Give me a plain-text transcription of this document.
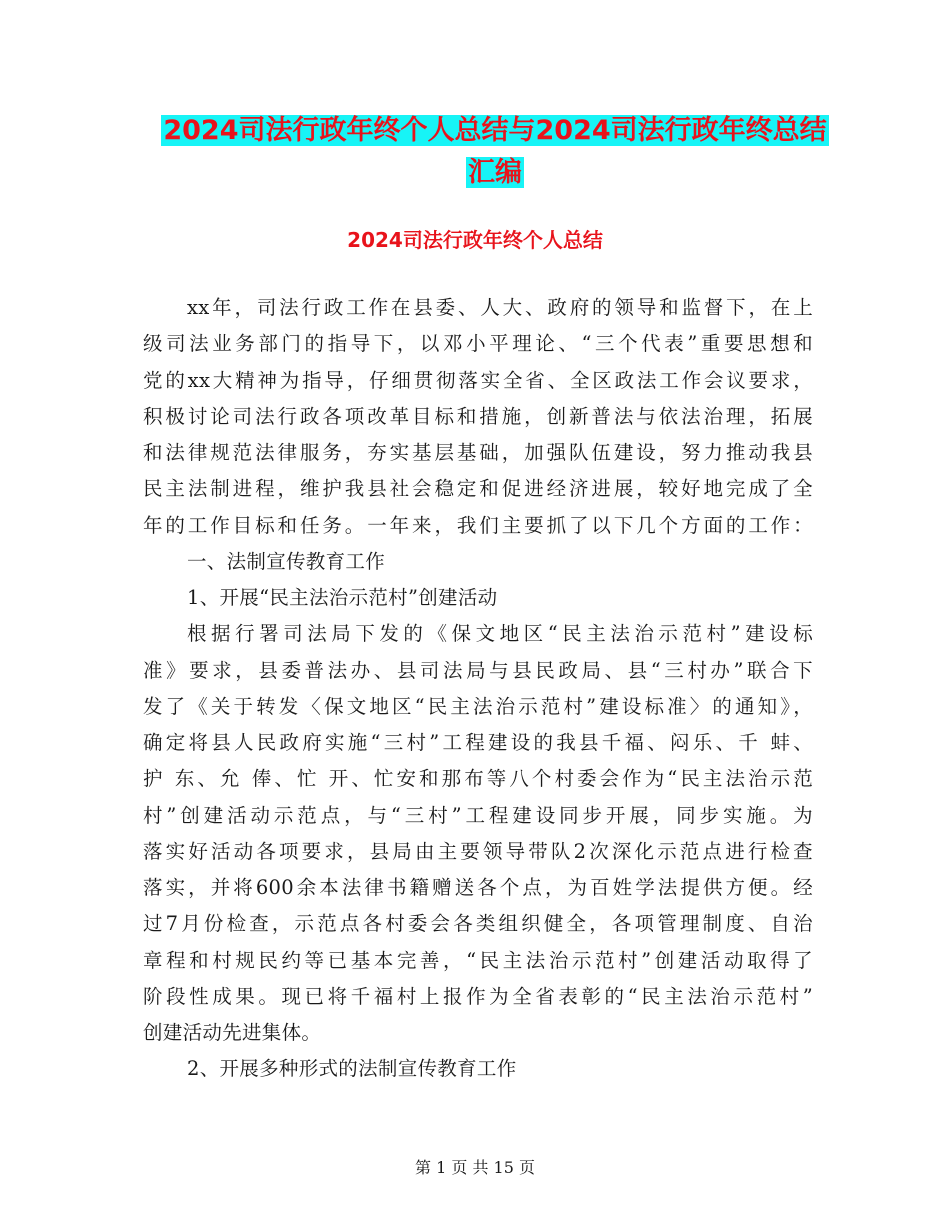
2024司法行政年终个人总结与2024司法行政年终总结
汇编
2024司法行政年终个人总结
xx年，司法行政工作在县委、人大、政府的领导和监督下，在上
级司法业务部门的指导下，以邓小平理论、“三个代表”重要思想和
党的xx大精神为指导，仔细贯彻落实全省、全区政法工作会议要求，
积极讨论司法行政各项改革目标和措施，创新普法与依法治理，拓展
和法律规范法律服务，夯实基层基础，加强队伍建设，努力推动我县
民主法制进程，维护我县社会稳定和促进经济进展，较好地完成了全
年的工作目标和任务。一年来，我们主要抓了以下几个方面的工作：
一、法制宣传教育工作
1、开展“民主法治示范村”创建活动
根据行署司法局下发的《保文地区“民主法治示范村”建设标
准》要求，县委普法办、县司法局与县民政局、县“三村办”联合下
发了《关于转发〈保文地区“民主法治示范村”建设标准〉的通知》，
确定将县人民政府实施“三村”工程建设的我县千福、闷乐、千 蚌、
护 东、允 俸、忙 开、忙安和那布等八个村委会作为“民主法治示范
村”创建活动示范点，与“三村”工程建设同步开展，同步实施。为
落实好活动各项要求，县局由主要领导带队2次深化示范点进行检查
落实，并将600余本法律书籍赠送各个点，为百姓学法提供方便。经
过7月份检查，示范点各村委会各类组织健全，各项管理制度、自治
章程和村规民约等已基本完善，“民主法治示范村”创建活动取得了
阶段性成果。现已将千福村上报作为全省表彰的“民主法治示范村”
创建活动先进集体。
2、开展多种形式的法制宣传教育工作
第 1 页 共 15 页
